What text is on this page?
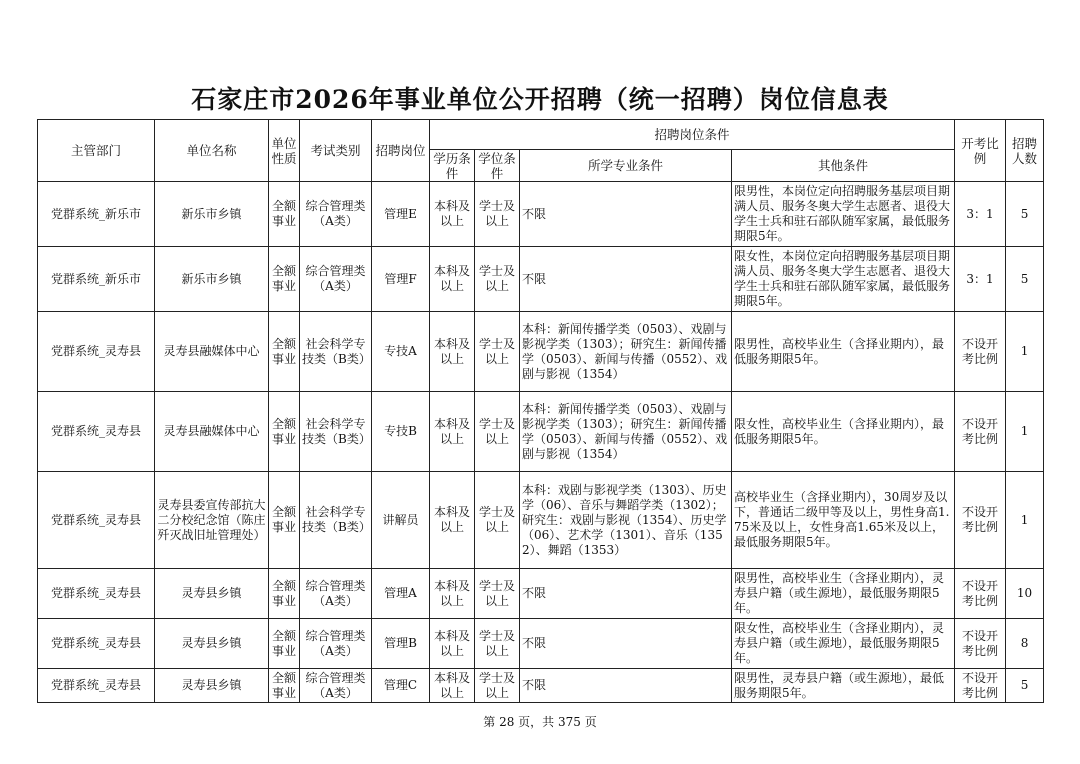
石家庄市2026年事业单位公开招聘（统一招聘）岗位信息表
主管部门	单位名称	单位性质	考试类别	招聘岗位	招聘岗位条件				开考比例	招聘人数
					学历条件	学位条件	所学专业条件	其他条件		
党群系统_新乐市	新乐市乡镇	全额事业	综合管理类（A类）	管理E	本科及以上	学士及以上	不限	限男性，本岗位定向招聘服务基层项目期满人员、服务冬奥大学生志愿者、退役大学生士兵和驻石部队随军家属，最低服务期限5年。	3：1	5
党群系统_新乐市	新乐市乡镇	全额事业	综合管理类（A类）	管理F	本科及以上	学士及以上	不限	限女性，本岗位定向招聘服务基层项目期满人员、服务冬奥大学生志愿者、退役大学生士兵和驻石部队随军家属，最低服务期限5年。	3：1	5
党群系统_灵寿县	灵寿县融媒体中心	全额事业	社会科学专技类（B类）	专技A	本科及以上	学士及以上	本科：新闻传播学类（0503）、戏剧与影视学类（1303）；研究生：新闻传播学（0503）、新闻与传播（0552）、戏剧与影视（1354）	限男性，高校毕业生（含择业期内），最低服务期限5年。	不设开考比例	1
党群系统_灵寿县	灵寿县融媒体中心	全额事业	社会科学专技类（B类）	专技B	本科及以上	学士及以上	本科：新闻传播学类（0503）、戏剧与影视学类（1303）；研究生：新闻传播学（0503）、新闻与传播（0552）、戏剧与影视（1354）	限女性，高校毕业生（含择业期内），最低服务期限5年。	不设开考比例	1
党群系统_灵寿县	灵寿县委宣传部抗大二分校纪念馆（陈庄歼灭战旧址管理处）	全额事业	社会科学专技类（B类）	讲解员	本科及以上	学士及以上	本科：戏剧与影视学类（1303）、历史学（06）、音乐与舞蹈学类（1302）；研究生：戏剧与影视（1354）、历史学（06）、艺术学（1301）、音乐（1352）、舞蹈（1353）	高校毕业生（含择业期内），30周岁及以下，普通话二级甲等及以上，男性身高1.75米及以上，女性身高1.65米及以上，最低服务期限5年。	不设开考比例	1
党群系统_灵寿县	灵寿县乡镇	全额事业	综合管理类（A类）	管理A	本科及以上	学士及以上	不限	限男性，高校毕业生（含择业期内），灵寿县户籍（或生源地），最低服务期限5年。	不设开考比例	10
党群系统_灵寿县	灵寿县乡镇	全额事业	综合管理类（A类）	管理B	本科及以上	学士及以上	不限	限女性，高校毕业生（含择业期内），灵寿县户籍（或生源地），最低服务期限5年。	不设开考比例	8
党群系统_灵寿县	灵寿县乡镇	全额事业	综合管理类（A类）	管理C	本科及以上	学士及以上	不限	限男性，灵寿县户籍（或生源地），最低服务期限5年。	不设开考比例	5
第 28 页，共 375 页
